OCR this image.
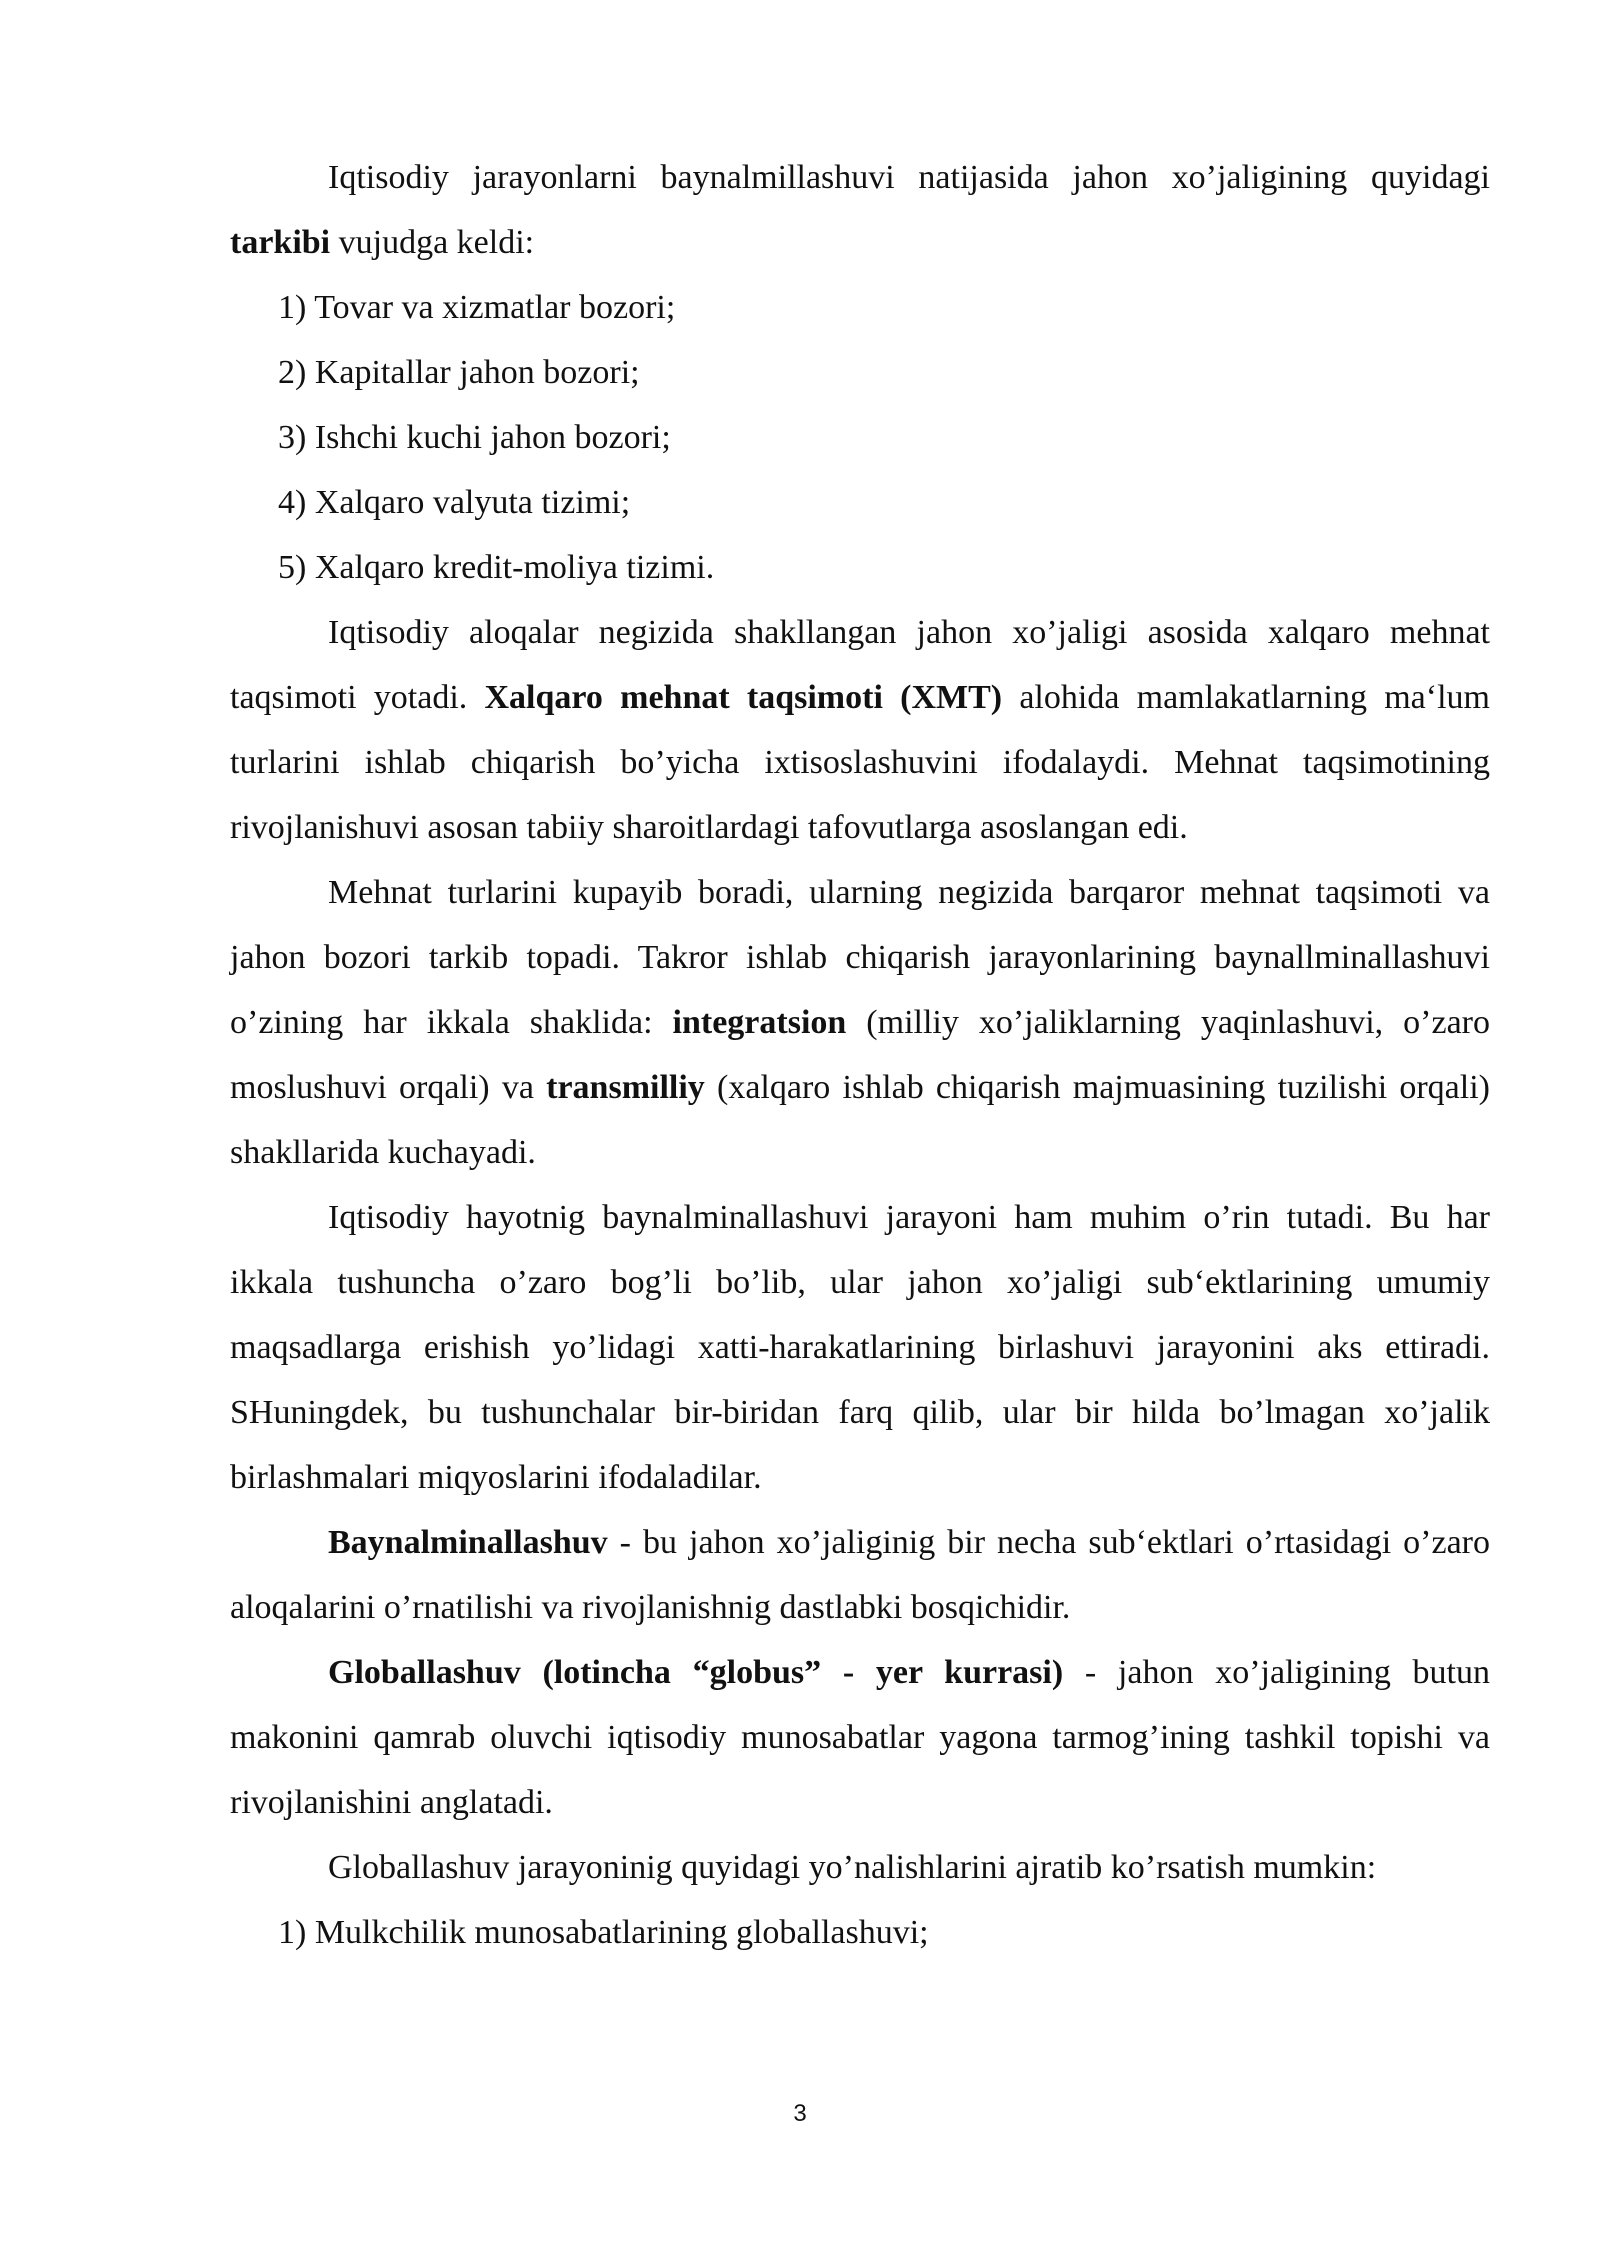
Iqtisodiy jarayonlarni baynalmillashuvi natijasida jahon xo’jaligining quyidagi tarkibi vujudga keldi:

1) Tovar va xizmatlar bozori;

2) Kapitallar jahon bozori;

3) Ishchi kuchi jahon bozori;

4) Xalqaro valyuta tizimi;

5) Xalqaro kredit-moliya tizimi.

Iqtisodiy aloqalar negizida shakllangan jahon xo’jaligi asosida xalqaro mehnat taqsimoti yotadi. Xalqaro mehnat taqsimoti (XMT) alohida mamlakatlarning ma‘lum turlarini ishlab chiqarish bo’yicha ixtisoslashuvini ifodalaydi. Mehnat taqsimotining rivojlanishuvi asosan tabiiy sharoitlardagi tafovutlarga asoslangan edi.

Mehnat turlarini kupayib boradi, ularning negizida barqaror mehnat taqsimoti va jahon bozori tarkib topadi. Takror ishlab chiqarish jarayonlarining baynallminallashuvi o’zining har ikkala shaklida: integratsion (milliy xo’jaliklarning yaqinlashuvi, o’zaro moslushuvi orqali) va transmilliy (xalqaro ishlab chiqarish majmuasining tuzilishi orqali) shakllarida kuchayadi.

Iqtisodiy hayotnig baynalminallashuvi jarayoni ham muhim o’rin tutadi. Bu har ikkala tushuncha o’zaro bog’li bo’lib, ular jahon xo’jaligi sub‘ektlarining umumiy maqsadlarga erishish yo’lidagi xatti-harakatlarining birlashuvi jarayonini aks ettiradi. SHuningdek, bu tushunchalar bir-biridan farq qilib, ular bir hilda bo’lmagan xo’jalik birlashmalari miqyoslarini ifodaladilar.

Baynalminallashuv - bu jahon xo’jaliginig bir necha sub‘ektlari o’rtasidagi o’zaro aloqalarini o’rnatilishi va rivojlanishnig dastlabki bosqichidir.

Globallashuv (lotincha “globus” - yer kurrasi) - jahon xo’jaligining butun makonini qamrab oluvchi iqtisodiy munosabatlar yagona tarmog’ining tashkil topishi va rivojlanishini anglatadi.

Globallashuv jarayoninig quyidagi yo’nalishlarini ajratib ko’rsatish mumkin:

1) Mulkchilik munosabatlarining globallashuvi;

3
